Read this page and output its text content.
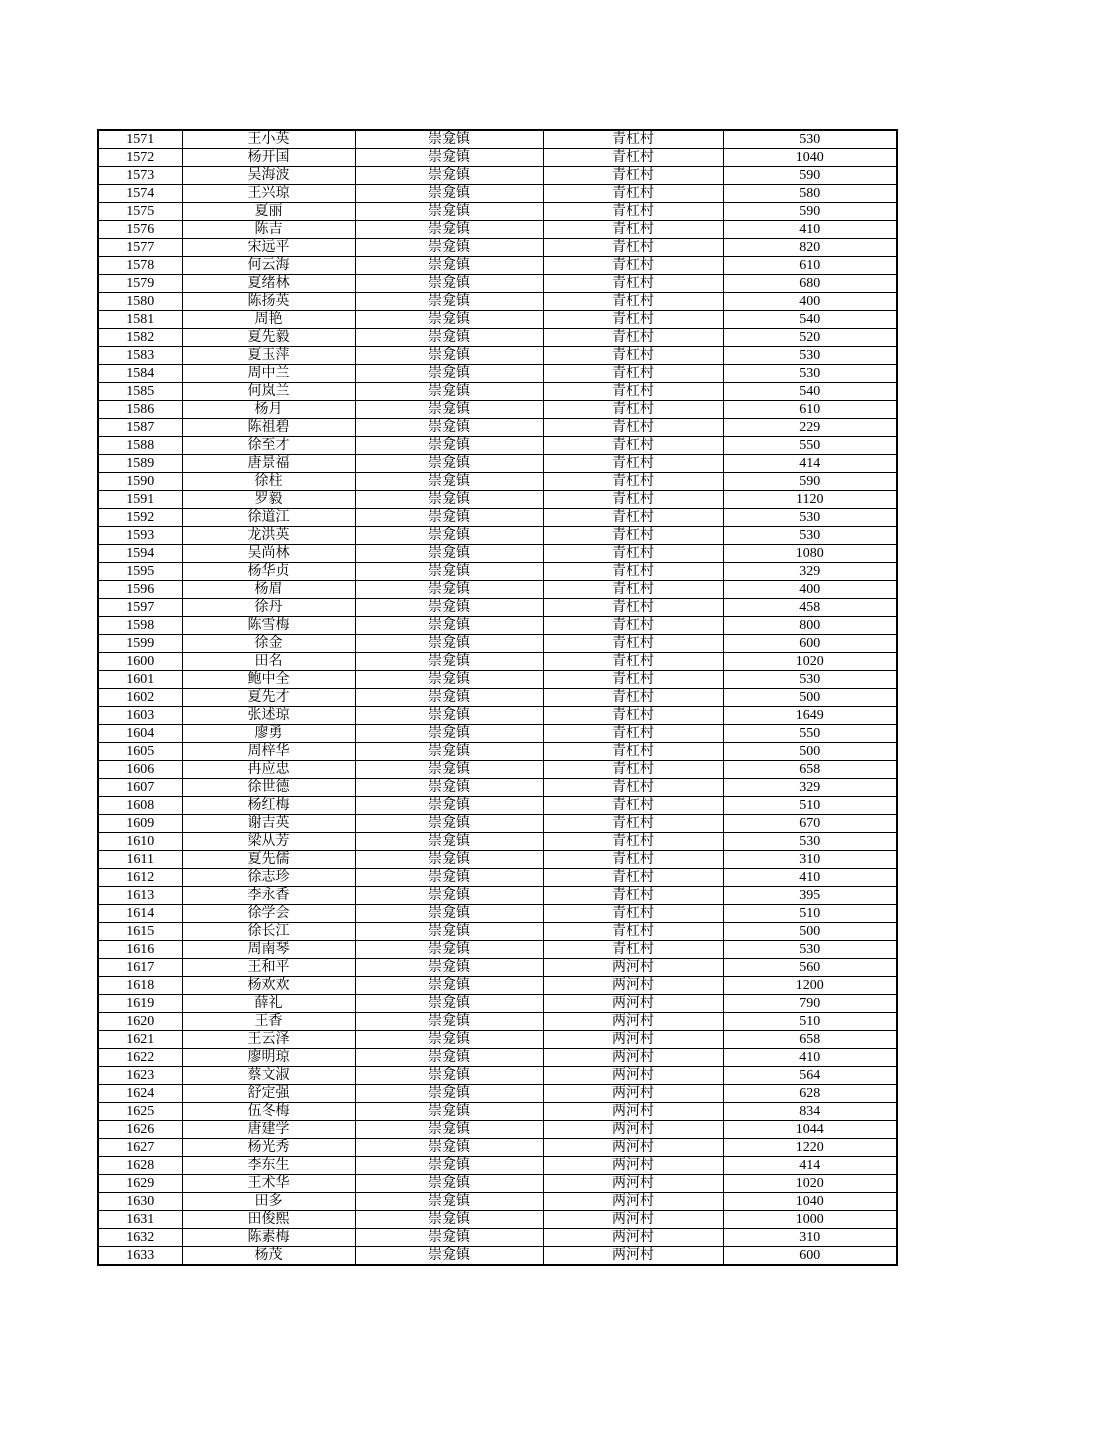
1571	王小英	崇龛镇	青杠村	530
1572	杨开国	崇龛镇	青杠村	1040
1573	吴海波	崇龛镇	青杠村	590
1574	王兴琼	崇龛镇	青杠村	580
1575	夏丽	崇龛镇	青杠村	590
1576	陈吉	崇龛镇	青杠村	410
1577	宋远平	崇龛镇	青杠村	820
1578	何云海	崇龛镇	青杠村	610
1579	夏绪林	崇龛镇	青杠村	680
1580	陈扬英	崇龛镇	青杠村	400
1581	周艳	崇龛镇	青杠村	540
1582	夏先毅	崇龛镇	青杠村	520
1583	夏玉萍	崇龛镇	青杠村	530
1584	周中兰	崇龛镇	青杠村	530
1585	何岚兰	崇龛镇	青杠村	540
1586	杨月	崇龛镇	青杠村	610
1587	陈祖碧	崇龛镇	青杠村	229
1588	徐至才	崇龛镇	青杠村	550
1589	唐景福	崇龛镇	青杠村	414
1590	徐柱	崇龛镇	青杠村	590
1591	罗毅	崇龛镇	青杠村	1120
1592	徐道江	崇龛镇	青杠村	530
1593	龙洪英	崇龛镇	青杠村	530
1594	吴尚林	崇龛镇	青杠村	1080
1595	杨华贞	崇龛镇	青杠村	329
1596	杨眉	崇龛镇	青杠村	400
1597	徐丹	崇龛镇	青杠村	458
1598	陈雪梅	崇龛镇	青杠村	800
1599	徐金	崇龛镇	青杠村	600
1600	田名	崇龛镇	青杠村	1020
1601	鲍中全	崇龛镇	青杠村	530
1602	夏先才	崇龛镇	青杠村	500
1603	张述琼	崇龛镇	青杠村	1649
1604	廖勇	崇龛镇	青杠村	550
1605	周梓华	崇龛镇	青杠村	500
1606	冉应忠	崇龛镇	青杠村	658
1607	徐世德	崇龛镇	青杠村	329
1608	杨红梅	崇龛镇	青杠村	510
1609	谢吉英	崇龛镇	青杠村	670
1610	梁从芳	崇龛镇	青杠村	530
1611	夏先儒	崇龛镇	青杠村	310
1612	徐志珍	崇龛镇	青杠村	410
1613	李永香	崇龛镇	青杠村	395
1614	徐学会	崇龛镇	青杠村	510
1615	徐长江	崇龛镇	青杠村	500
1616	周南琴	崇龛镇	青杠村	530
1617	王和平	崇龛镇	两河村	560
1618	杨欢欢	崇龛镇	两河村	1200
1619	薛礼	崇龛镇	两河村	790
1620	王香	崇龛镇	两河村	510
1621	王云泽	崇龛镇	两河村	658
1622	廖明琼	崇龛镇	两河村	410
1623	蔡文淑	崇龛镇	两河村	564
1624	舒定强	崇龛镇	两河村	628
1625	伍冬梅	崇龛镇	两河村	834
1626	唐建学	崇龛镇	两河村	1044
1627	杨光秀	崇龛镇	两河村	1220
1628	李东生	崇龛镇	两河村	414
1629	王术华	崇龛镇	两河村	1020
1630	田多	崇龛镇	两河村	1040
1631	田俊熙	崇龛镇	两河村	1000
1632	陈素梅	崇龛镇	两河村	310
1633	杨茂	崇龛镇	两河村	600
